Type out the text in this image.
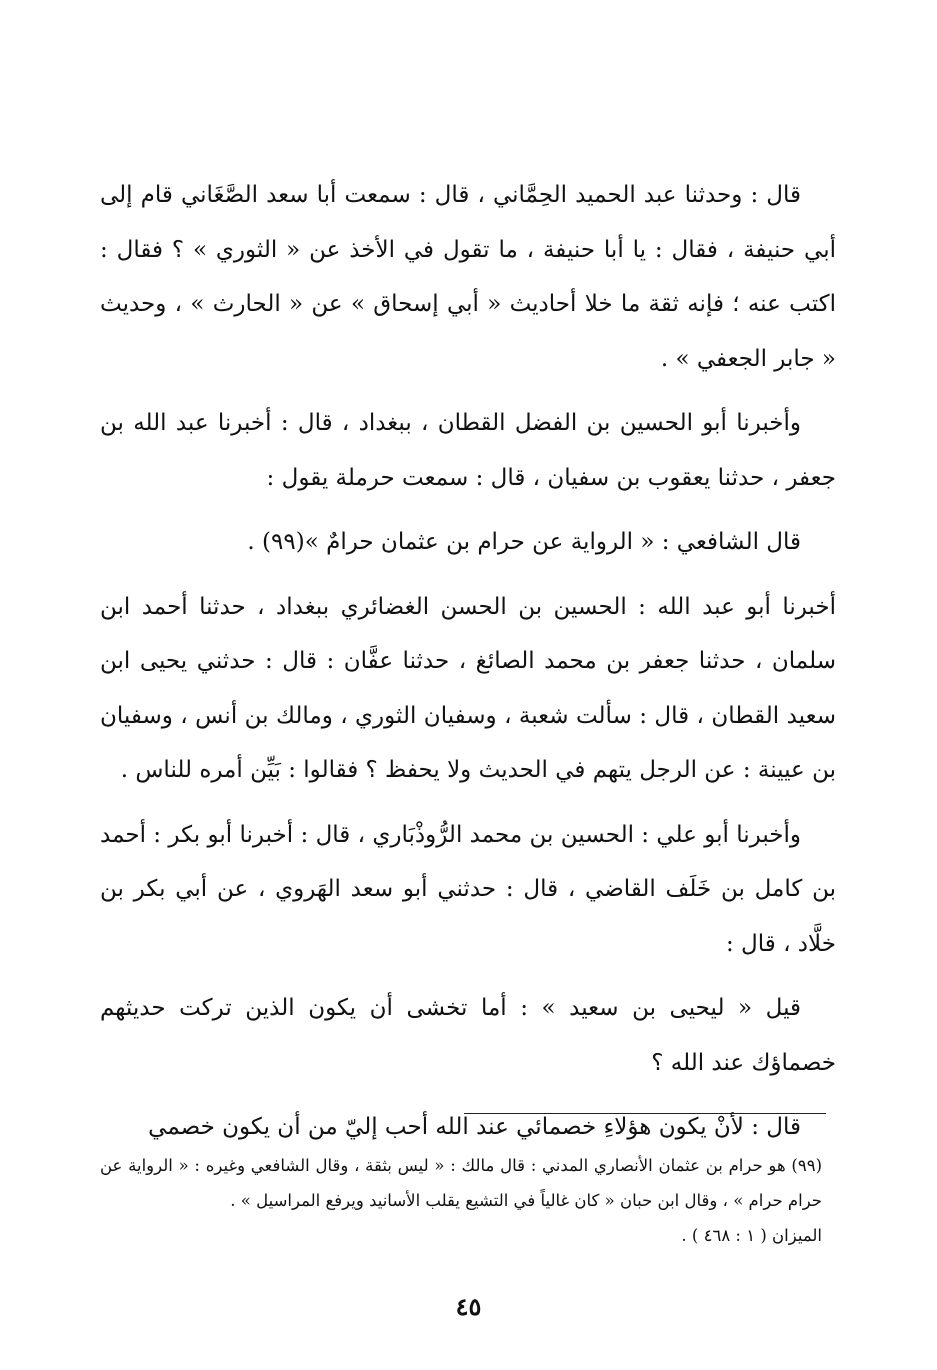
قال : وحدثنا عبد الحميد الحِمَّاني ، قال : سمعت أبا سعد الصَّغَاني قام إلى أبي حنيفة ، فقال : يا أبا حنيفة ، ما تقول في الأخذ عن « الثوري » ؟ فقال : اكتب عنه ؛ فإنه ثقة ما خلا أحاديث « أبي إسحاق » عن « الحارث » ، وحديث « جابر الجعفي » .

وأخبرنا أبو الحسين بن الفضل القطان ، ببغداد ، قال : أخبرنا عبد الله بن جعفر ، حدثنا يعقوب بن سفيان ، قال : سمعت حرملة يقول :

قال الشافعي : « الرواية عن حرام بن عثمان حرامٌ »(٩٩) .

أخبرنا أبو عبد الله : الحسين بن الحسن الغضائري ببغداد ، حدثنا أحمد ابن سلمان ، حدثنا جعفر بن محمد الصائغ ، حدثنا عفَّان : قال : حدثني يحيى ابن سعيد القطان ، قال : سألت شعبة ، وسفيان الثوري ، ومالك بن أنس ، وسفيان بن عيينة : عن الرجل يتهم في الحديث ولا يحفظ ؟ فقالوا : بَيِّن أمره للناس .

وأخبرنا أبو علي : الحسين بن محمد الرُّوذْبَاري ، قال : أخبرنا أبو بكر : أحمد بن كامل بن خَلَف القاضي ، قال : حدثني أبو سعد الهَروي ، عن أبي بكر بن خلَّاد ، قال :

قيل « ليحيى بن سعيد » : أما تخشى أن يكون الذين تركت حديثهم خصماؤك عند الله ؟

قال : لأنْ يكون هؤلاءِ خصمائي عند الله أحب إليّ من أن يكون خصمي

(٩٩) هو حرام بن عثمان الأنصاري المدني : قال مالك : « ليس بثقة ، وقال الشافعي وغيره : « الرواية عن حرام حرام » ، وقال ابن حبان « كان غالياً في التشيع يقلب الأسانيد ويرفع المراسيل » .

الميزان ( ١ : ٤٦٨ ) .

٤٥
